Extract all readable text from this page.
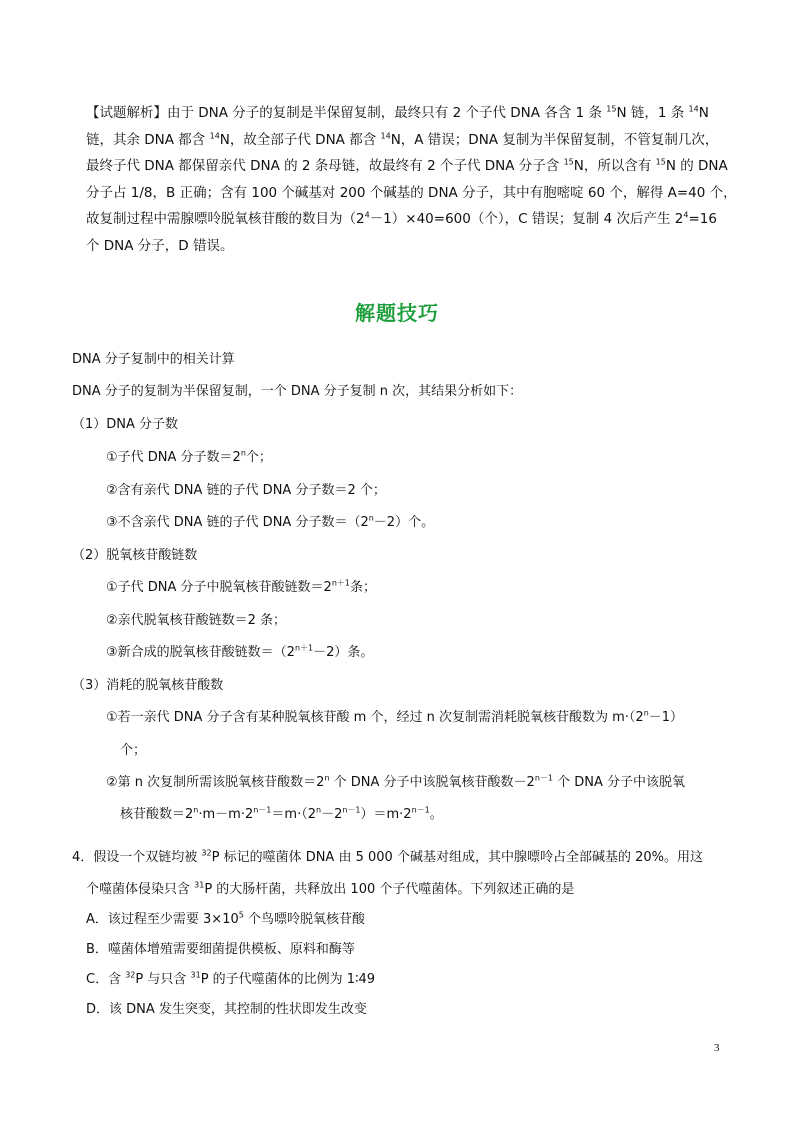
【试题解析】由于 DNA 分子的复制是半保留复制，最终只有 2 个子代 DNA 各含 1 条 $^{15}$N 链，1 条 $^{14}$N
链，其余 DNA 都含 $^{14}$N，故全部子代 DNA 都含 $^{14}$N，A 错误；DNA 复制为半保留复制，不管复制几次，
最终子代 DNA 都保留亲代 DNA 的 2 条母链，故最终有 2 个子代 DNA 分子含 $^{15}$N，所以含有 $^{15}$N 的 DNA
分子占 1/8，B 正确；含有 100 个碱基对 200 个碱基的 DNA 分子，其中有胞嘧啶 60 个，解得 A=40 个，
故复制过程中需腺嘌呤脱氧核苷酸的数目为$(2^4-1)\times 40=600$（个），C 错误；复制 4 次后产生 $2^4=16$
个 DNA 分子，D 错误。
解题技巧
DNA 分子复制中的相关计算
DNA 分子的复制为半保留复制，一个 DNA 分子复制 n 次，其结果分析如下：
（1）DNA 分子数
①子代 DNA 分子数$=2^n$个；
②含有亲代 DNA 链的子代 DNA 分子数＝2 个；
③不含亲代 DNA 链的子代 DNA 分子数$=(2^n-2)$个。
（2）脱氧核苷酸链数
①子代 DNA 分子中脱氧核苷酸链数$=2^{n+1}$条；
②亲代脱氧核苷酸链数＝2 条；
③新合成的脱氧核苷酸链数$=(2^{n+1}-2)$条。
（3）消耗的脱氧核苷酸数
①若一亲代 DNA 分子含有某种脱氧核苷酸 m 个，经过 n 次复制需消耗脱氧核苷酸数为 $m\cdot(2^n-1)$
个；
②第 n 次复制所需该脱氧核苷酸数$=2^n$ 个 DNA 分子中该脱氧核苷酸数$-2^{n-1}$ 个 DNA 分子中该脱氧
核苷酸数$=2^n\cdot m-m\cdot 2^{n-1}=m\cdot(2^n-2^{n-1})=m\cdot 2^{n-1}$。
4．假设一个双链均被 $^{32}$P 标记的噬菌体 DNA 由 5 000 个碱基对组成，其中腺嘌呤占全部碱基的 20%。用这
个噬菌体侵染只含 $^{31}$P 的大肠杆菌，共释放出 100 个子代噬菌体。下列叙述正确的是
A．该过程至少需要 $3\times 10^5$ 个鸟嘌呤脱氧核苷酸
B．噬菌体增殖需要细菌提供模板、原料和酶等
C．含 $^{32}$P 与只含 $^{31}$P 的子代噬菌体的比例为 1∶49
D．该 DNA 发生突变，其控制的性状即发生改变
3
